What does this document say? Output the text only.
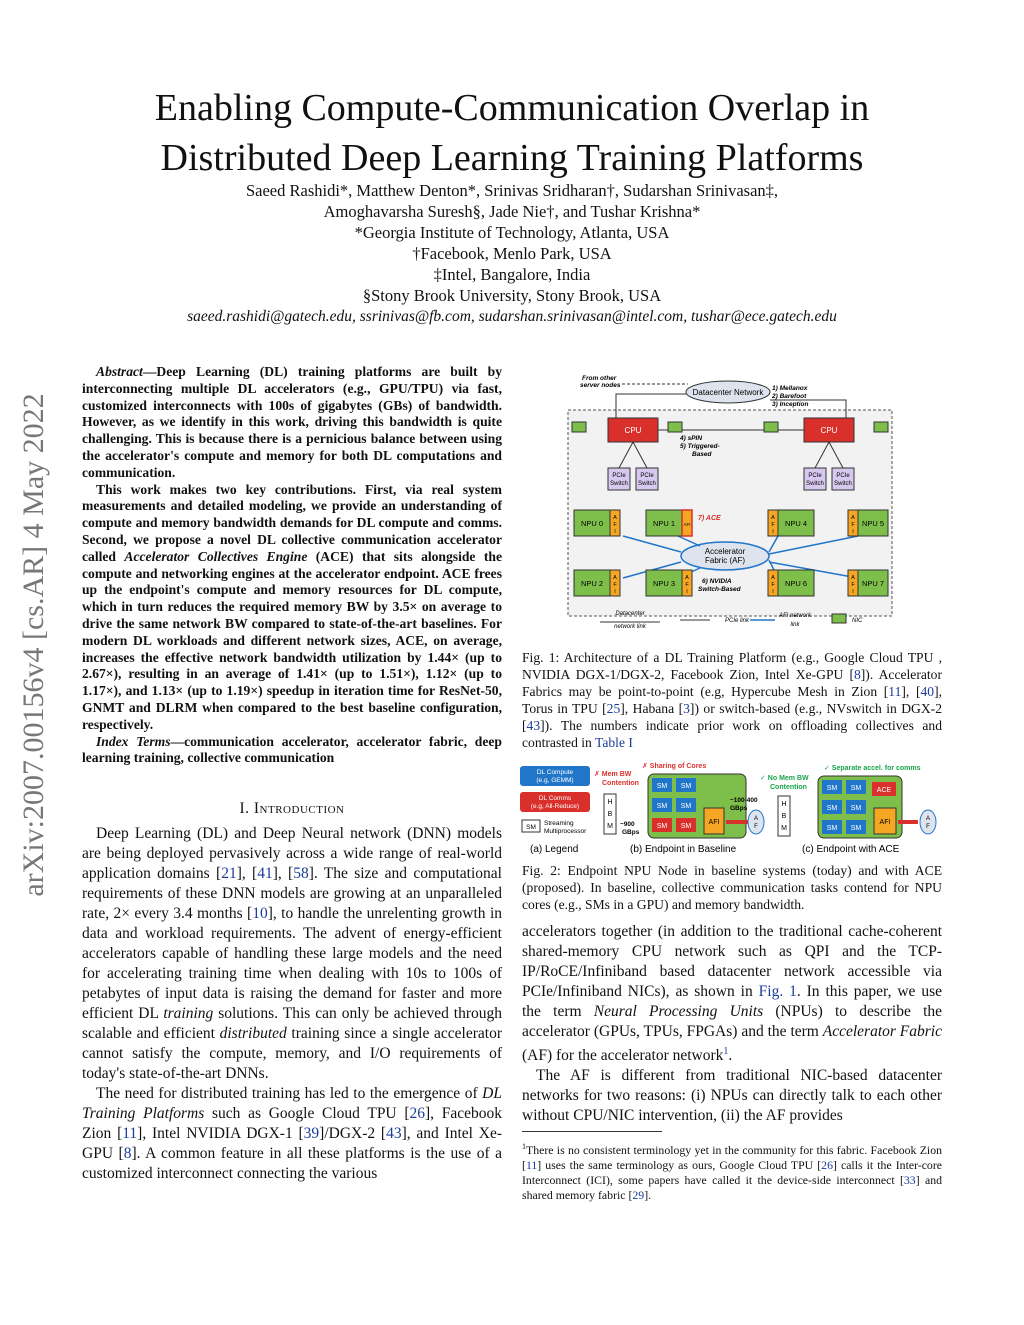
arXiv:2007.00156v4 [cs.AR] 4 May 2022
Enabling Compute-Communication Overlap in
Distributed Deep Learning Training Platforms
Saeed Rashidi*, Matthew Denton*, Srinivas Sridharan†, Sudarshan Srinivasan‡,
Amoghavarsha Suresh§, Jade Nie†, and Tushar Krishna*
*Georgia Institute of Technology, Atlanta, USA
†Facebook, Menlo Park, USA
‡Intel, Bangalore, India
§Stony Brook University, Stony Brook, USA
saeed.rashidi@gatech.edu, ssrinivas@fb.com, sudarshan.srinivasan@intel.com, tushar@ece.gatech.edu

Abstract—Deep Learning (DL) training platforms are built by interconnecting multiple DL accelerators (e.g., GPU/TPU) via fast, customized interconnects with 100s of gigabytes (GBs) of bandwidth. However, as we identify in this work, driving this bandwidth is quite challenging. This is because there is a pernicious balance between using the accelerator's compute and memory for both DL computations and communication.

This work makes two key contributions. First, via real system measurements and detailed modeling, we provide an understanding of compute and memory bandwidth demands for DL compute and comms. Second, we propose a novel DL collective communication accelerator called Accelerator Collectives Engine (ACE) that sits alongside the compute and networking engines at the accelerator endpoint. ACE frees up the endpoint's compute and memory resources for DL compute, which in turn reduces the required memory BW by 3.5× on average to drive the same network BW compared to state-of-the-art baselines. For modern DL workloads and different network sizes, ACE, on average, increases the effective network bandwidth utilization by 1.44× (up to 2.67×), resulting in an average of 1.41× (up to 1.51×), 1.12× (up to 1.17×), and 1.13× (up to 1.19×) speedup in iteration time for ResNet-50, GNMT and DLRM when compared to the best baseline configuration, respectively.

Index Terms—communication accelerator, accelerator fabric, deep learning training, collective communication

I. Introduction

Deep Learning (DL) and Deep Neural network (DNN) models are being deployed pervasively across a wide range of real-world application domains [21], [41], [58]. The size and computational requirements of these DNN models are growing at an unparalleled rate, 2× every 3.4 months [10], to handle the unrelenting growth in data and workload requirements. The advent of energy-efficient accelerators capable of handling these large models and the need for accelerating training time when dealing with 10s to 100s of petabytes of input data is raising the demand for faster and more efficient DL training solutions. This can only be achieved through scalable and efficient distributed training since a single accelerator cannot satisfy the compute, memory, and I/O requirements of today's state-of-the-art DNNs.

The need for distributed training has led to the emergence of DL Training Platforms such as Google Cloud TPU [26], Facebook Zion [11], Intel NVIDIA DGX-1 [39]/DGX-2 [43], and Intel Xe-GPU [8]. A common feature in all these platforms is the use of a customized interconnect connecting the various

Datacenter Network
From other
server nodes	1) Mellanox
2) Barefoot
3) Inception
CPU	CPU
4) sPIN
5) Triggered-
Based
PCIe
Switch
PCIe
Switch
PCIe
Switch
PCIe
Switch
Accelerator
Fabric (AF)
6) NVIDIA
Switch-Based
7) ACE
NPU 0
A
F
I
NPU 1 AFI
NPU 2
A
F
I
NPU 3
A
F
I
A
F
I
NPU 4
A
F
I
NPU 5
A
F
I
NPU 6
A
F
I
NPU 7
Datacenter
network link
PCIe link
AFI network
link
NIC
Fig. 1: Architecture of a DL Training Platform (e.g., Google Cloud TPU , NVIDIA DGX-1/DGX-2, Facebook Zion, Intel Xe-GPU [8]). Accelerator Fabrics may be point-to-point (e.g, Hypercube Mesh in Zion [11], [40], Torus in TPU [25], Habana [3]) or switch-based (e.g., NVswitch in DGX-2 [43]). The numbers indicate prior work on offloading collectives and contrasted in Table I
DL Compute
(e.g, GEMM)
DL Comms
(e.g, All-Reduce)
SM
Streaming
Multiprocessor
(a) Legend
✗ Mem BW
Contention
✗ Sharing of Cores
H
B
M ~900
GBps
SM SM
SM SM
SM SM
AFI
~100-400
GBps
A
F
(b) Endpoint in Baseline
✓ No Mem BW
Contention
✓ Separate accel. for comms
H
B
M
SM SM
SM SM
SM SM
ACE
AFI	A
F
(c) Endpoint with ACE
Fig. 2: Endpoint NPU Node in baseline systems (today) and with ACE (proposed). In baseline, collective communication tasks contend for NPU cores (e.g., SMs in a GPU) and memory bandwidth.

accelerators together (in addition to the traditional cache-coherent shared-memory CPU network such as QPI and the TCP-IP/RoCE/Infiniband based datacenter network accessible via PCIe/Infiniband NICs), as shown in Fig. 1. In this paper, we use the term Neural Processing Units (NPUs) to describe the accelerator (GPUs, TPUs, FPGAs) and the term Accelerator Fabric (AF) for the accelerator network$^1$.

The AF is different from traditional NIC-based datacenter networks for two reasons: (i) NPUs can directly talk to each other without CPU/NIC intervention, (ii) the AF provides

$^1$There is no consistent terminology yet in the community for this fabric. Facebook Zion [11] uses the same terminology as ours, Google Cloud TPU [26] calls it the Inter-core Interconnect (ICI), some papers have called it the device-side interconnect [33] and shared memory fabric [29].
